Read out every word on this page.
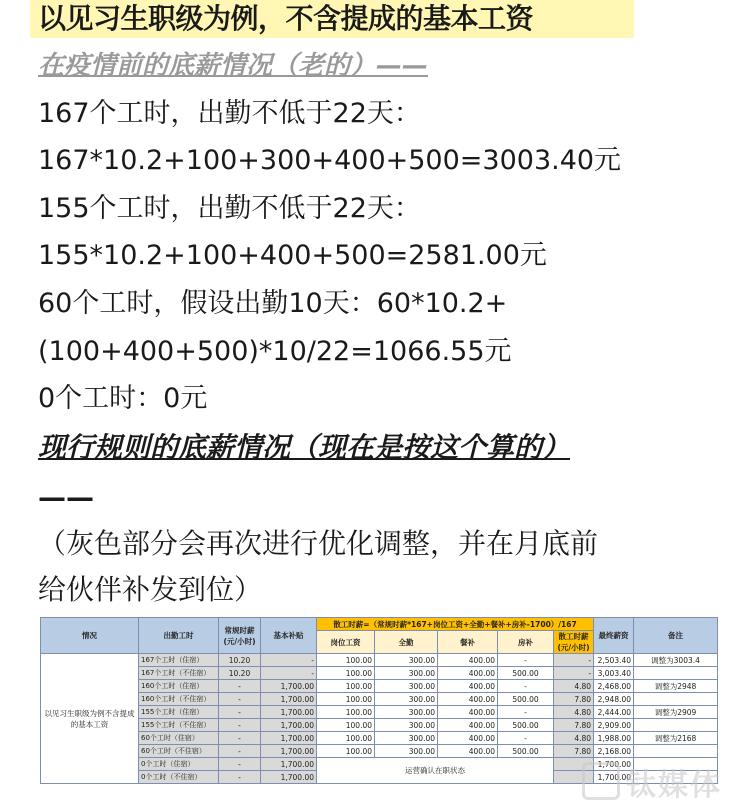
以见习生职级为例，不含提成的基本工资
在疫情前的底薪情况（老的）——
167个工时，出勤不低于22天：
167*10.2+100+300+400+500=3003.40元
155个工时，出勤不低于22天：
155*10.2+100+400+500=2581.00元
60个工时，假设出勤10天：60*10.2+
(100+400+500)*10/22=1066.55元
0个工时：0元
现行规则的底薪情况（现在是按这个算的）
——
（灰色部分会再次进行优化调整，并在月底前
给伙伴补发到位）
情况	出勤工时	常规时薪(元/小时)	基本补贴	散工时薪=（常规时薪*167+岗位工资+全勤+餐补+房补-1700）/167					最终薪资	备注
				岗位工资	全勤	餐补	房补	散工时薪(元/小时)		
以见习生职级为例不含提成的基本工资	167个工时（住宿）	10.20	-	100.00	300.00	400.00	-	-	2,503.40	调整为3003.4
	167个工时（不住宿）	10.20	-	100.00	300.00	400.00	500.00	-	3,003.40	
	160个工时（住宿）	-	1,700.00	100.00	300.00	400.00	-	4.80	2,468.00	调整为2948
	160个工时（不住宿）	-	1,700.00	100.00	300.00	400.00	500.00	7.80	2,948.00	
	155个工时（住宿）	-	1,700.00	100.00	300.00	400.00	-	4.80	2,444.00	调整为2909
	155个工时（不住宿）	-	1,700.00	100.00	300.00	400.00	500.00	7.80	2,909.00	
	60个工时（住宿）	-	1,700.00	100.00	300.00	400.00	-	4.80	1,988.00	调整为2168
	60个工时（不住宿）	-	1,700.00	100.00	300.00	400.00	500.00	7.80	2,168.00	
	0个工时（住宿）	-	1,700.00	运营确认在职状态					1,700.00	
	0个工时（不住宿）	-	1,700.00						1,700.00	
钛媒体
